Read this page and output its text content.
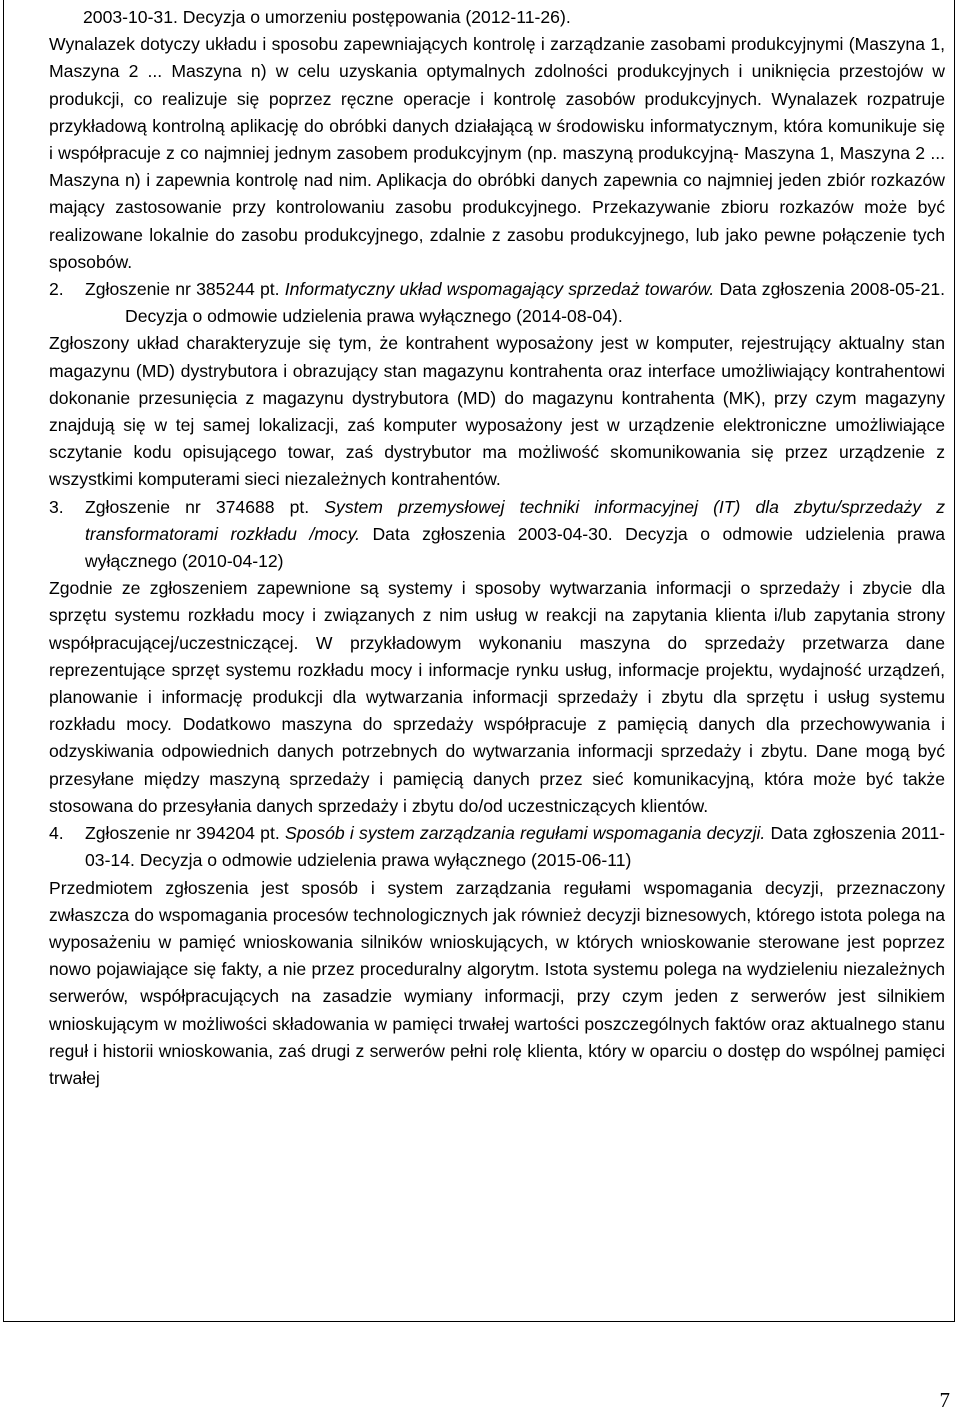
2003-10-31. Decyzja o umorzeniu postępowania (2012-11-26).

Wynalazek dotyczy układu i sposobu zapewniających kontrolę i zarządzanie zasobami produkcyjnymi (Maszyna 1, Maszyna 2 ... Maszyna n) w celu uzyskania optymalnych zdolności produkcyjnych i uniknięcia przestojów w produkcji, co realizuje się poprzez ręczne operacje i kontrolę zasobów produkcyjnych. Wynalazek rozpatruje przykładową kontrolną aplikację do obróbki danych działającą w środowisku informatycznym, która komunikuje się i współpracuje z co najmniej jednym zasobem produkcyjnym (np. maszyną produkcyjną- Maszyna 1, Maszyna 2 ... Maszyna n) i zapewnia kontrolę nad nim. Aplikacja do obróbki danych zapewnia co najmniej jeden zbiór rozkazów mający zastosowanie przy kontrolowaniu zasobu produkcyjnego. Przekazywanie zbioru rozkazów może być realizowane lokalnie do zasobu produkcyjnego, zdalnie z zasobu produkcyjnego, lub jako pewne połączenie tych sposobów.

2.	Zgłoszenie nr 385244 pt. Informatyczny układ wspomagający sprzedaż towarów. Data zgłoszenia 2008-05-21.Decyzja o odmowie udzielenia prawa wyłącznego (2014-08-04).

Zgłoszony układ charakteryzuje się tym, że kontrahent wyposażony jest w komputer, rejestrujący aktualny stan magazynu (MD) dystrybutora i obrazujący stan magazynu kontrahenta oraz interface umożliwiający kontrahentowi dokonanie przesunięcia z magazynu dystrybutora (MD) do magazynu kontrahenta (MK), przy czym magazyny znajdują się w tej samej lokalizacji, zaś komputer wyposażony jest w urządzenie elektroniczne umożliwiające sczytanie kodu opisującego towar, zaś dystrybutor ma możliwość skomunikowania się przez urządzenie z wszystkimi komputerami sieci niezależnych kontrahentów.

3.	Zgłoszenie nr 374688 pt. System przemysłowej techniki informacyjnej (IT) dla zbytu/sprzedaży z transformatorami rozkładu /mocy. Data zgłoszenia 2003-04-30. Decyzja o odmowie udzielenia prawa wyłącznego (2010-04-12)

Zgodnie ze zgłoszeniem zapewnione są systemy i sposoby wytwarzania informacji o sprzedaży i zbycie dla sprzętu systemu rozkładu mocy i związanych z nim usług w reakcji na zapytania klienta i/lub zapytania strony współpracującej/uczestniczącej. W przykładowym wykonaniu maszyna do sprzedaży przetwarza dane reprezentujące sprzęt systemu rozkładu mocy i informacje rynku usług, informacje projektu, wydajność urządzeń, planowanie i informację produkcji dla wytwarzania informacji sprzedaży i zbytu dla sprzętu i usług systemu rozkładu mocy. Dodatkowo maszyna do sprzedaży współpracuje z pamięcią danych dla przechowywania i odzyskiwania odpowiednich danych potrzebnych do wytwarzania informacji sprzedaży i zbytu. Dane mogą być przesyłane między maszyną sprzedaży i pamięcią danych przez sieć komunikacyjną, która może być także stosowana do przesyłania danych sprzedaży i zbytu do/od uczestniczących klientów.

4.	Zgłoszenie nr 394204 pt. Sposób i system zarządzania regułami wspomagania decyzji. Data zgłoszenia 2011-03-14. Decyzja o odmowie udzielenia prawa wyłącznego (2015-06-11)

Przedmiotem zgłoszenia jest sposób i system zarządzania regułami wspomagania decyzji, przeznaczony zwłaszcza do wspomagania procesów technologicznych jak również decyzji biznesowych, którego istota polega na wyposażeniu w pamięć wnioskowania silników wnioskujących, w których wnioskowanie sterowane jest poprzez nowo pojawiające się fakty, a nie przez proceduralny algorytm. Istota systemu polega na wydzieleniu niezależnych serwerów, współpracujących na zasadzie wymiany informacji, przy czym jeden z serwerów jest silnikiem wnioskującym w możliwości składowania w pamięci trwałej wartości poszczególnych faktów oraz aktualnego stanu reguł i historii wnioskowania, zaś drugi z serwerów pełni rolę klienta, który w oparciu o dostęp do wspólnej pamięci trwałej

7
